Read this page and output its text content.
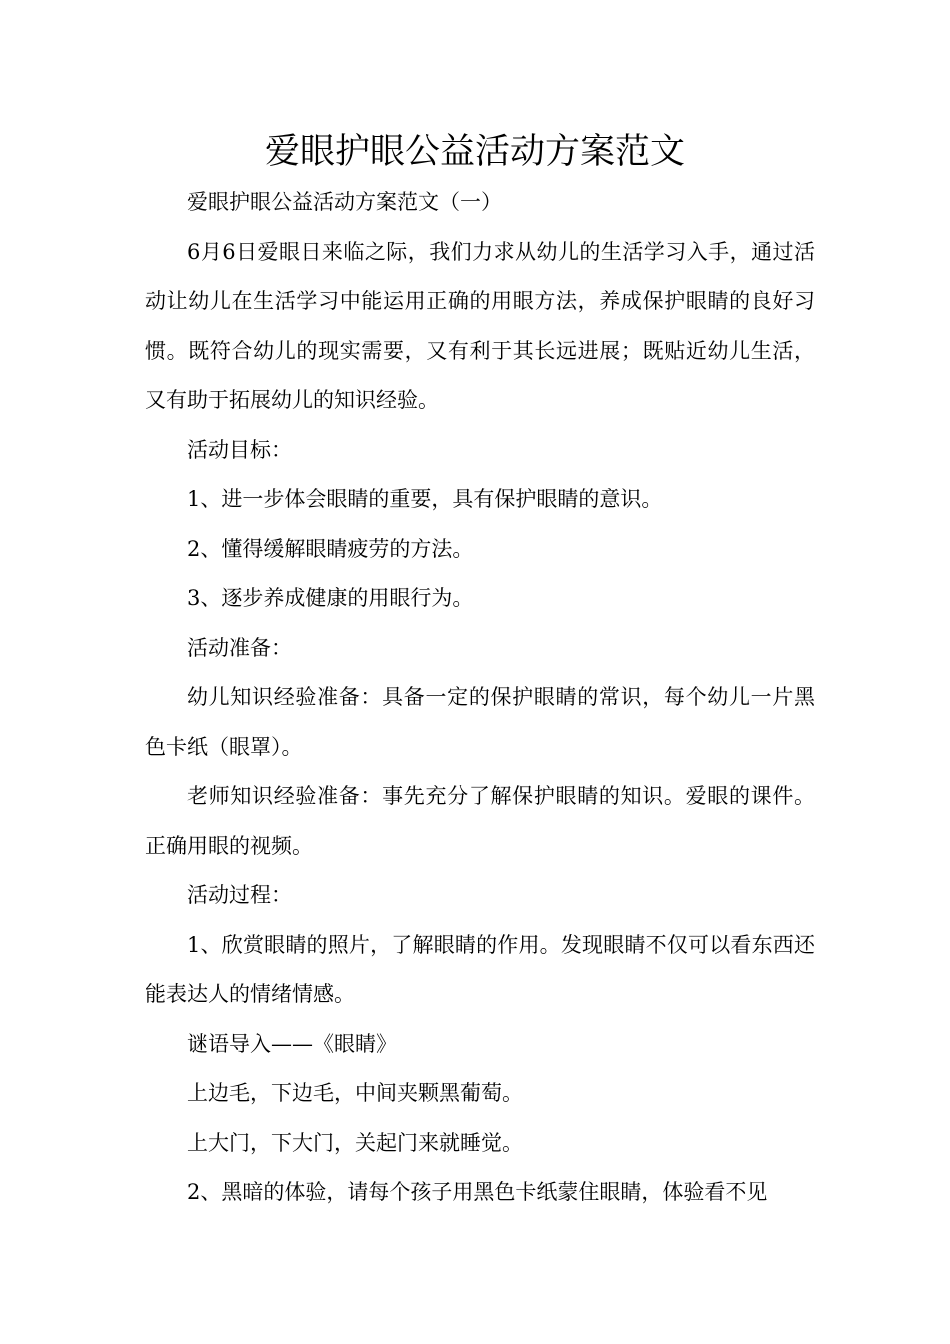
爱眼护眼公益活动方案范文

爱眼护眼公益活动方案范文（一）

6月6日爱眼日来临之际，我们力求从幼儿的生活学习入手，通过活动让幼儿在生活学习中能运用正确的用眼方法，养成保护眼睛的良好习惯。既符合幼儿的现实需要，又有利于其长远进展；既贴近幼儿生活，又有助于拓展幼儿的知识经验。

活动目标：

1、进一步体会眼睛的重要，具有保护眼睛的意识。

2、懂得缓解眼睛疲劳的方法。

3、逐步养成健康的用眼行为。

活动准备：

幼儿知识经验准备：具备一定的保护眼睛的常识，每个幼儿一片黑色卡纸（眼罩）。

老师知识经验准备：事先充分了解保护眼睛的知识。爱眼的课件。正确用眼的视频。

活动过程：

1、欣赏眼睛的照片，了解眼睛的作用。发现眼睛不仅可以看东西还能表达人的情绪情感。

谜语导入——《眼睛》

上边毛，下边毛，中间夹颗黑葡萄。

上大门，下大门，关起门来就睡觉。

2、黑暗的体验，请每个孩子用黑色卡纸蒙住眼睛，体验看不见
